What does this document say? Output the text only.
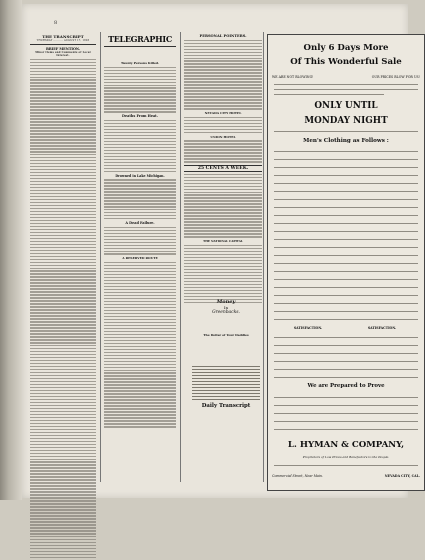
8
THE TRANSCRIPT
THURSDAY .......... AUGUST 17, 1893
BRIEF MENTION.
Minor Items and Comments of Local Interest.
TELEGRAPHIC
Twenty Persons Killed.
Deaths From Heat.
Drowned in Lake Michigan.
A Dead Failure.
A RESERVED ROUTE
PERSONAL POINTERS.
NEVADA CITY HOTEL
UNION HOTEL
25 CENTS A WEEK.
THE NATIONAL CAPITAL
Money
In
Greenbacks.
The Dollar of Your Daddies
Daily Transcript
Only 6 Days More
Of This Wonderful Sale
WE ARE NOT BLOWING!	OUR PRICES BLOW FOR US!
ONLY UNTIL
MONDAY NIGHT
Men's Clothing as Follows :
SATISFACTION.	SATISFACTION.
We are Prepared to Prove
L. HYMAN & COMPANY,
Proprietors of Low Prices and Benefactors to the People.
Commercial Street, Near Main.	NEVADA CITY, CAL.
